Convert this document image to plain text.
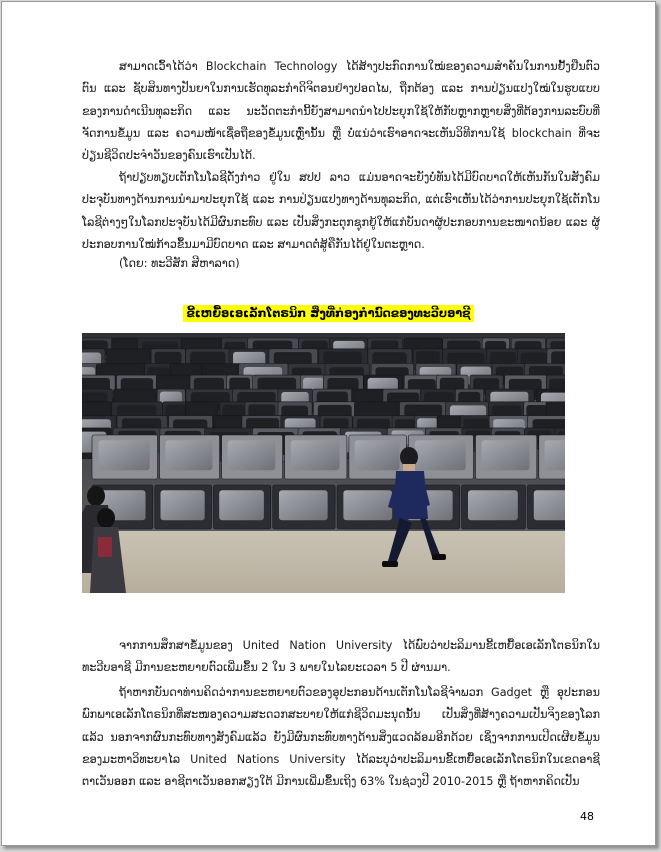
ສາມາດເວົ້າໄດ້ວ່າ Blockchain Technology ໄດ້ສ້າງປະກົດການໃໝ່ຂອງຄວາມສໍາຄັນໃນການຢັ້ງຢືນຕົວຕົນ ແລະ ຊັບສິນທາງປັນຍາໃນການເຮັດທຸລະກໍາດິຈິຕອນຢ່າງປອດໄພ, ຖືກຕ້ອງ ແລະ ການປ່ຽນແປງໃໝ່ໃນຮູບແບບຂອງການດໍາເນີນທຸລະກິດ ແລະ ນະວັດຕະກໍານີ້ຍັງສາມາດນໍາໄປປະຍຸກໃຊ້ໃຫ້ກັບຫຼາກຫຼາຍສິ່ງທີ່ຕ້ອງການລະບົບທີ່ຈັດການຂໍ້ມູນ ແລະ ຄວາມໜ້າເຊື່ອຖືຂອງຂໍ້ມູນເຫຼົ່ານັ້ນ ຫຼື ບໍ່ແນ່ວ່າເຮົາອາດຈະເຫັນວິທີການໃຊ້ blockchain ທີ່ຈະປ່ຽນຊີວິດປະຈໍາວັນຂອງຄົນເຮົາເປັນໄດ້.

ຖ້າປຽບທຽບເຕັກໂນໂລຊີດັ່ງກ່າວ ຢູ່ໃນ ສປປ ລາວ ແມ່ນອາດຈະຍັງບໍ່ທັນໄດ້ມີບົດບາດໃຫ້ເຫັນກັນໃນສັງຄົມປະຈຸບັນທາງດ້ານການນໍາມາປະຍຸກໃຊ້ ແລະ ການປ່ຽນແປງທາງດ້ານທຸລະກິດ, ແຕ່ເຮົາເຫັນໄດ້ວ່າການປະຍຸກໃຊ້ເຕັກໂນໂລຊີຕ່າງໆໃນໂລກປະຈຸບັນໄດ້ມີຜົນກະທົບ ແລະ ເປັນສິ່ງກະຕຸກຊຸກຍູ້ໃຫ້ແກ່ບັນດາຜູ້ປະກອບການຂະໜາດນ້ອຍ ແລະ ຜູ້ປະກອບການໃໝ່ກ້າວຂຶ້ນມາມີບົດບາດ ແລະ ສາມາດຕໍ່ສູ້ຄືກັນໄດ້ຢູ່ໃນຕະຫຼາດ.

(ໂດຍ: ທະວີສັກ ສີຫາລາດ)
ຂີ້ເຫຍື້ອເອເລັກໂຕຣນິກ ສິ່ງທີ່ກ່ອງກໍານົດຂອງທະວີບອາຊີ

ຈາກການສຶກສາຂໍ້ມູນຂອງ United Nation University ໄດ້ພົບວ່າປະລິມານຂີ້ເຫຍື້ອເອເລັກໂຕຣນິກໃນທະວີບອາຊີ ມີການຂະຫຍາຍຕົວເພີ່ມຂຶ້ນ 2 ໃນ 3 ພາຍໃນໄລຍະເວລາ 5 ປີ ຜ່ານມາ.

ຖ້າຫາກບັນດາທ່ານຄິດວ່າການຂະຫຍາຍຕົວຂອງອຸປະກອນດ້ານເຕັກໂນໂລຊີຈໍາພວກ Gadget ຫຼື ອຸປະກອນພົກພາເອເລັກໂຕຣນິກທີ່ສະໜອງຄວາມສະດວກສະບາຍໃຫ້ແກ່ຊີວິດມະນຸດນັ້ນ ເປັນສິ່ງທີ່ສ້າງຄວາມເປັນຈິງຂອງໂລກແລ້ວ ນອກຈາກຜົນກະທົບທາງສັງຄົມແລ້ວ ຍັງມີຜົນກະທົບທາງດ້ານສິ່ງແວດລ້ອມອີກດ້ວຍ ເຊິ່ງຈາກການເປີດເຜີຍຂໍ້ມູນຂອງມະຫາວິທະຍາໄລ United Nations University ໄດ້ລະບຸວ່າປະລິມານຂີ້ເຫຍື້ອເອເລັກໂຕຣນິກໃນເຂດອາຊີຕາເວັນອອກ ແລະ ອາຊີຕາເວັນອອກສຽງໃຕ້ ມີການເພີ່ມຂຶ້ນເຖິງ 63% ໃນຊ່ວງປີ 2010-2015 ຫຼື ຖ້າຫາກຄິດເປັນ

48
